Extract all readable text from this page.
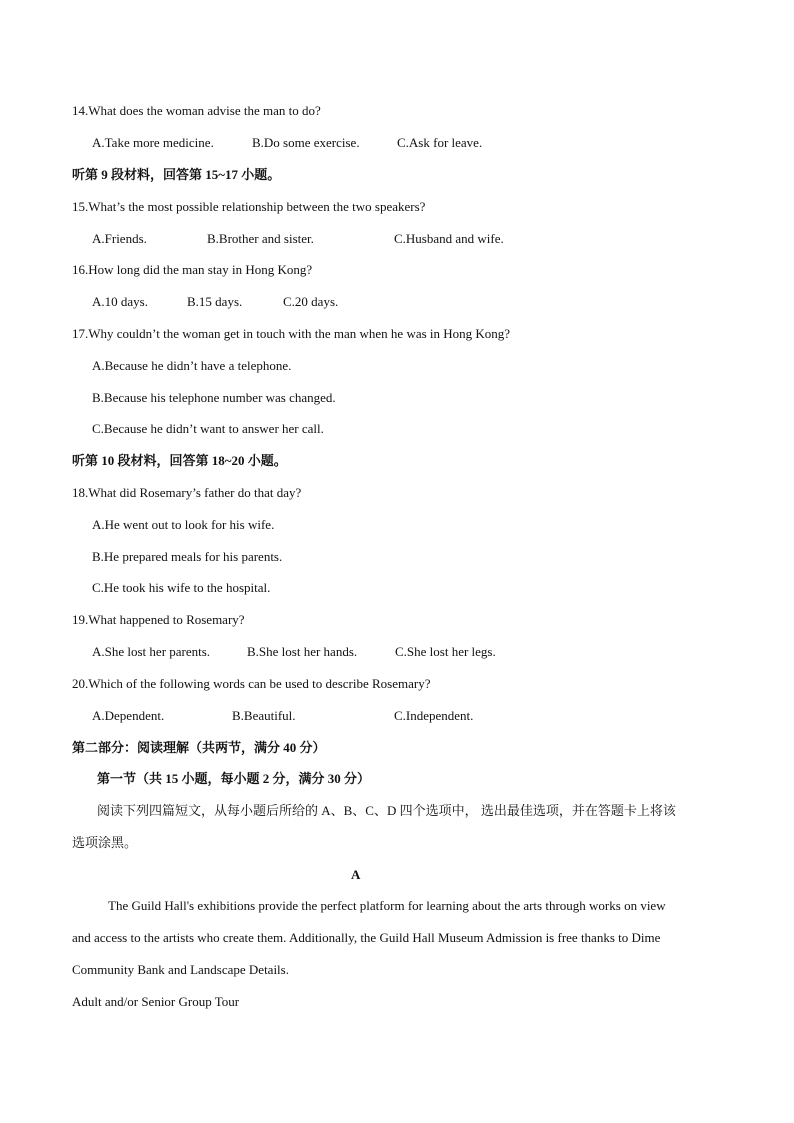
14.What does the woman advise the man to do?
A.Take more medicine.	B.Do some exercise.	C.Ask for leave.
听第 9 段材料，回答第 15~17 小题。
15.What’s the most possible relationship between the two speakers?
A.Friends.	B.Brother and sister.	C.Husband and wife.
16.How long did the man stay in Hong Kong?
A.10 days.	B.15 days.	C.20 days.
17.Why couldn’t the woman get in touch with the man when he was in Hong Kong?
A.Because he didn’t have a telephone.
B.Because his telephone number was changed.
C.Because he didn’t want to answer her call.
听第 10 段材料，回答第 18~20 小题。
18.What did Rosemary’s father do that day?
A.He went out to look for his wife.
B.He prepared meals for his parents.
C.He took his wife to the hospital.
19.What happened to Rosemary?
A.She lost her parents.	B.She lost her hands.	C.She lost her legs.
20.Which of the following words can be used to describe Rosemary?
A.Dependent.	B.Beautiful.	C.Independent.
第二部分：阅读理解（共两节，满分 40 分）
第一节（共 15 小题，每小题 2 分，满分 30 分）
阅读下列四篇短文，从每小题后所给的 A、B、C、D 四个选项中， 选出最佳选项，并在答题卡上将该
选项涂黑。
A
The Guild Hall's exhibitions provide the perfect platform for learning about the arts through works on view
and access to the artists who create them. Additionally, the Guild Hall Museum Admission is free thanks to Dime
Community Bank and Landscape Details.
Adult and/or Senior Group Tour
